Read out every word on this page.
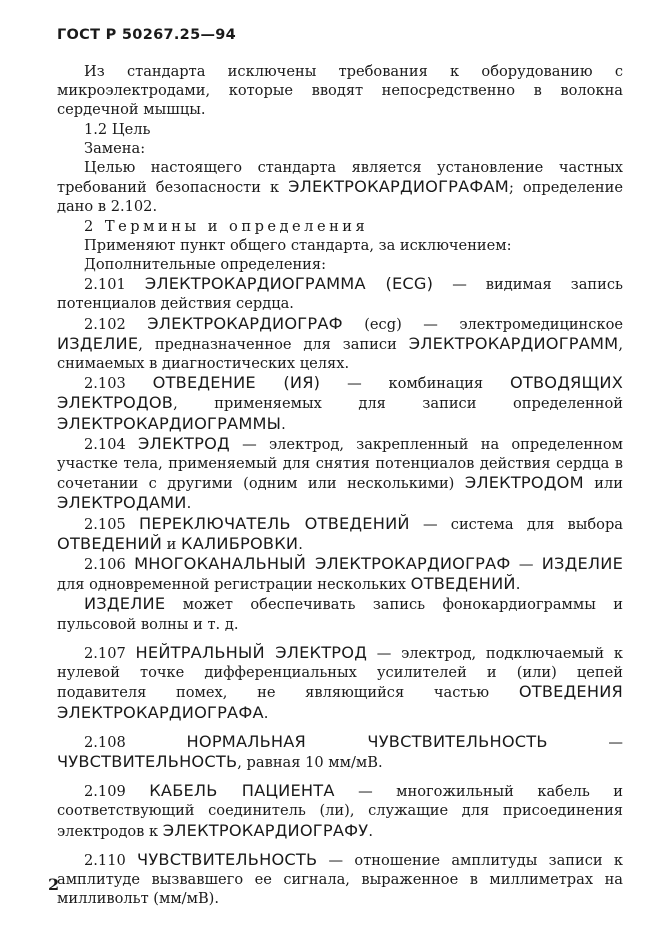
ГОСТ Р 50267.25—94

Из стандарта исключены требования к оборудованию с микроэлектродами, которые вводят непосредственно в волокна сердечной мышцы.

1.2 Цель

Замена:

Целью настоящего стандарта является установление частных требований безопасности к ЭЛЕКТРОКАРДИОГРАФАМ; определение дано в 2.102.

2 Термины и определения

Применяют пункт общего стандарта, за исключением:

Дополнительные определения:

2.101 ЭЛЕКТРОКАРДИОГРАММА (ECG) — видимая запись потенциалов действия сердца.

2.102 ЭЛЕКТРОКАРДИОГРАФ (ecg) — электромедицинское ИЗДЕЛИЕ, предназначенное для записи ЭЛЕКТРОКАРДИОГРАММ, снимаемых в диагностических целях.

2.103 ОТВЕДЕНИЕ (ИЯ) — комбинация ОТВОДЯЩИХ ЭЛЕКТРОДОВ, применяемых для записи определенной ЭЛЕКТРОКАРДИОГРАММЫ.

2.104 ЭЛЕКТРОД — электрод, закрепленный на определенном участке тела, применяемый для снятия потенциалов действия сердца в сочетании с другими (одним или несколькими) ЭЛЕКТРОДОМ или ЭЛЕКТРОДАМИ.

2.105 ПЕРЕКЛЮЧАТЕЛЬ ОТВЕДЕНИЙ — система для выбора ОТВЕДЕНИЙ и КАЛИБРОВКИ.

2.106 МНОГОКАНАЛЬНЫЙ ЭЛЕКТРОКАРДИОГРАФ — ИЗДЕЛИЕ для одновременной регистрации нескольких ОТВЕДЕНИЙ.

ИЗДЕЛИЕ может обеспечивать запись фонокардиограммы и пульсовой волны и т. д.

2.107 НЕЙТРАЛЬНЫЙ ЭЛЕКТРОД — электрод, подключаемый к нулевой точке дифференциальных усилителей и (или) цепей подавителя помех, не являющийся частью ОТВЕДЕНИЯ ЭЛЕКТРОКАРДИОГРАФА.

2.108 НОРМАЛЬНАЯ ЧУВСТВИТЕЛЬНОСТЬ — ЧУВСТВИТЕЛЬНОСТЬ, равная 10 мм/мВ.

2.109 КАБЕЛЬ ПАЦИЕНТА — многожильный кабель и соответствующий соединитель (ли), служащие для присоединения электродов к ЭЛЕКТРОКАРДИОГРАФУ.

2.110 ЧУВСТВИТЕЛЬНОСТЬ — отношение амплитуды записи к амплитуде вызвавшего ее сигнала, выраженное в миллиметрах на милливольт (мм/мВ).

2
